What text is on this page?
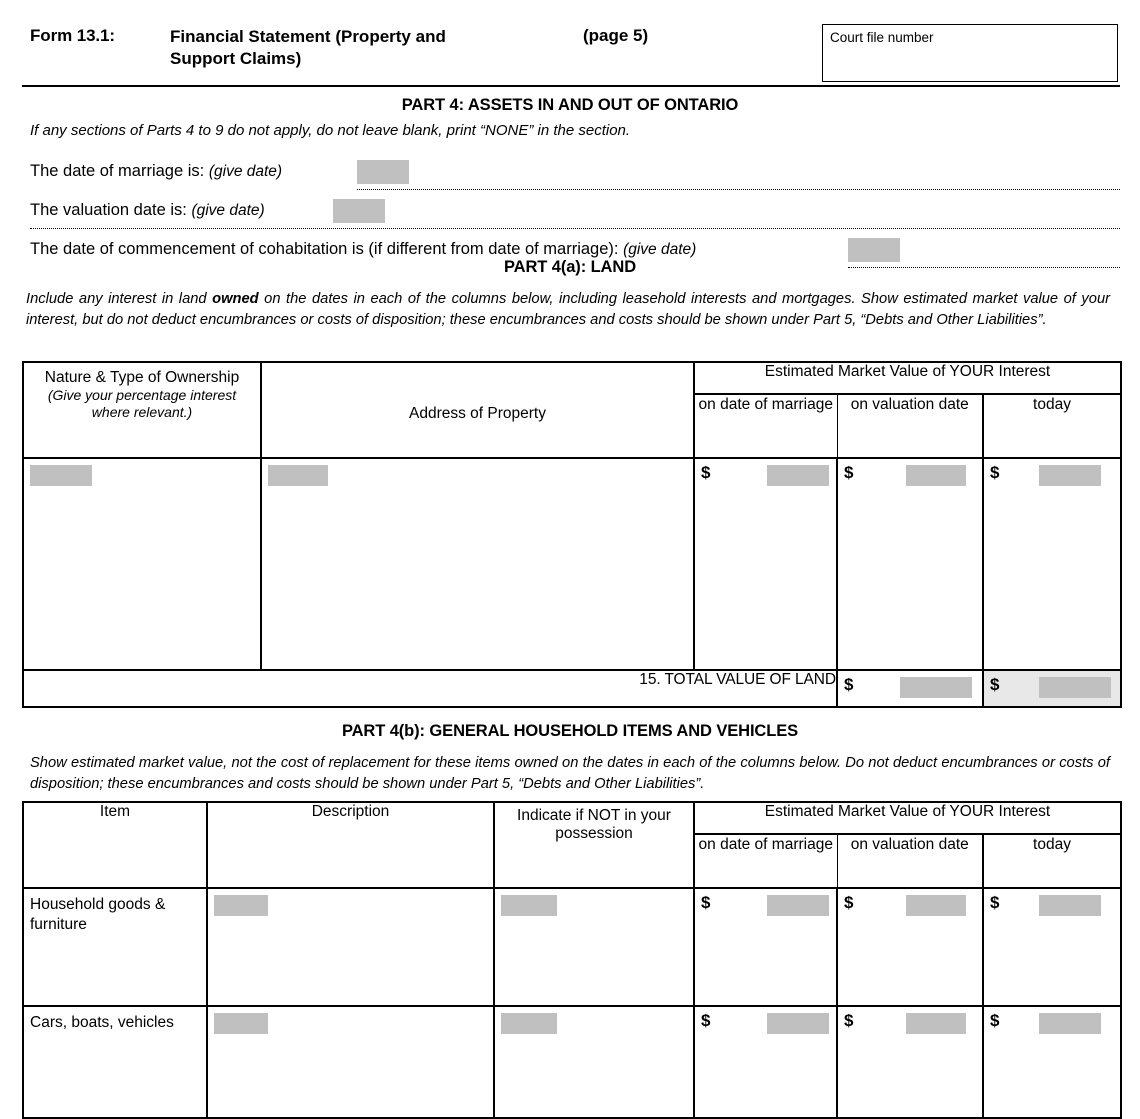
Form 13.1:	Financial Statement (Property and Support Claims)
(page 5)	Court file number
PART 4: ASSETS IN AND OUT OF ONTARIO
If any sections of Parts 4 to 9 do not apply, do not leave blank, print “NONE” in the section.
The date of marriage is: (give date)
The valuation date is: (give date)
The date of commencement of cohabitation is (if different from date of marriage): (give date)
PART 4(a): LAND
Include any interest in land owned on the dates in each of the columns below, including leasehold interests and mortgages. Show estimated market value of your interest, but do not deduct encumbrances or costs of disposition; these encumbrances and costs should be shown under Part 5, “Debts and Other Liabilities”.
Nature & Type of Ownership
(Give your percentage interest where relevant.)	Address of Property	Estimated Market Value of YOUR Interest		
		on date of marriage	on valuation date	today

		$	$	$

15. TOTAL VALUE OF LAND			$	$
PART 4(b): GENERAL HOUSEHOLD ITEMS AND VEHICLES
Show estimated market value, not the cost of replacement for these items owned on the dates in each of the columns below. Do not deduct encumbrances or costs of disposition; these encumbrances and costs should be shown under Part 5, “Debts and Other Liabilities”.
Item	Description	Indicate if NOT in your possession	Estimated Market Value of YOUR Interest		
			on date of marriage	on valuation date	today

Household goods & furniture			$	$	$

Cars, boats, vehicles			$	$	$
